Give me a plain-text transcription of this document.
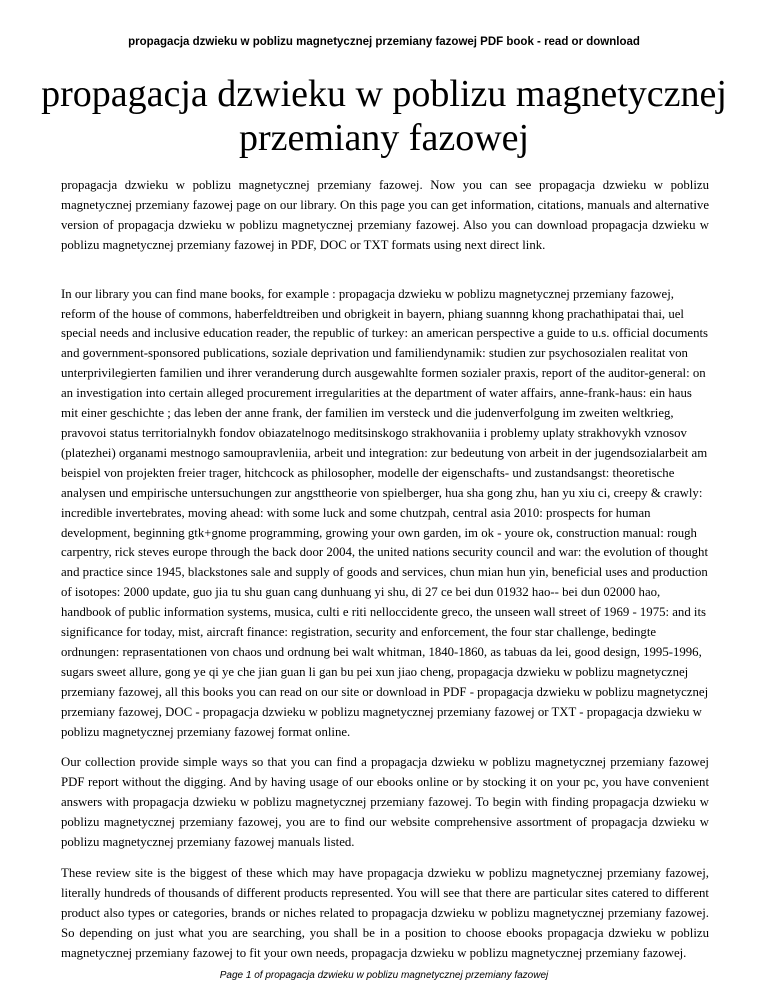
propagacja dzwieku w poblizu magnetycznej przemiany fazowej PDF book - read or download
propagacja dzwieku w poblizu magnetycznej przemiany fazowej

propagacja dzwieku w poblizu magnetycznej przemiany fazowej. Now you can see propagacja dzwieku w poblizu magnetycznej przemiany fazowej page on our library. On this page you can get information, citations, manuals and alternative version of propagacja dzwieku w poblizu magnetycznej przemiany fazowej. Also you can download propagacja dzwieku w poblizu magnetycznej przemiany fazowej in PDF, DOC or TXT formats using next direct link.

In our library you can find mane books, for example : propagacja dzwieku w poblizu magnetycznej przemiany fazowej, reform of the house of commons, haberfeldtreiben und obrigkeit in bayern, phiang suannng khong prachathipatai thai, uel special needs and inclusive education reader, the republic of turkey: an american perspective a guide to u.s. official documents and government-sponsored publications, soziale deprivation und familiendynamik: studien zur psychosozialen realitat von unterprivilegierten familien und ihrer veranderung durch ausgewahlte formen sozialer praxis, report of the auditor-general: on an investigation into certain alleged procurement irregularities at the department of water affairs, anne-frank-haus: ein haus mit einer geschichte ; das leben der anne frank, der familien im versteck und die judenverfolgung im zweiten weltkrieg, pravovoi status territorialnykh fondov obiazatelnogo meditsinskogo strakhovaniia i problemy uplaty strakhovykh vznosov (platezhei) organami mestnogo samoupravleniia, arbeit und integration: zur bedeutung von arbeit in der jugendsozialarbeit am beispiel von projekten freier trager, hitchcock as philosopher, modelle der eigenschafts- und zustandsangst: theoretische analysen und empirische untersuchungen zur angsttheorie von spielberger, hua sha gong zhu, han yu xiu ci, creepy & crawly: incredible invertebrates, moving ahead: with some luck and some chutzpah, central asia 2010: prospects for human development, beginning gtk+gnome programming, growing your own garden, im ok - youre ok, construction manual: rough carpentry, rick steves europe through the back door 2004, the united nations security council and war: the evolution of thought and practice since 1945, blackstones sale and supply of goods and services, chun mian hun yin, beneficial uses and production of isotopes: 2000 update, guo jia tu shu guan cang dunhuang yi shu, di 27 ce bei dun 01932 hao-- bei dun 02000 hao, handbook of public information systems, musica, culti e riti nelloccidente greco, the unseen wall street of 1969 - 1975: and its significance for today, mist, aircraft finance: registration, security and enforcement, the four star challenge, bedingte ordnungen: reprasentationen von chaos und ordnung bei walt whitman, 1840-1860, as tabuas da lei, good design, 1995-1996, sugars sweet allure, gong ye qi ye che jian guan li gan bu pei xun jiao cheng, propagacja dzwieku w poblizu magnetycznej przemiany fazowej, all this books you can read on our site or download in PDF - propagacja dzwieku w poblizu magnetycznej przemiany fazowej, DOC - propagacja dzwieku w poblizu magnetycznej przemiany fazowej or TXT - propagacja dzwieku w poblizu magnetycznej przemiany fazowej format online.

Our collection provide simple ways so that you can find a propagacja dzwieku w poblizu magnetycznej przemiany fazowej PDF report without the digging. And by having usage of our ebooks online or by stocking it on your pc, you have convenient answers with propagacja dzwieku w poblizu magnetycznej przemiany fazowej. To begin with finding propagacja dzwieku w poblizu magnetycznej przemiany fazowej, you are to find our website comprehensive assortment of propagacja dzwieku w poblizu magnetycznej przemiany fazowej manuals listed.

These review site is the biggest of these which may have propagacja dzwieku w poblizu magnetycznej przemiany fazowej, literally hundreds of thousands of different products represented. You will see that there are particular sites catered to different product also types or categories, brands or niches related to propagacja dzwieku w poblizu magnetycznej przemiany fazowej. So depending on just what you are searching, you shall be in a position to choose ebooks propagacja dzwieku w poblizu magnetycznej przemiany fazowej to fit your own needs, propagacja dzwieku w poblizu magnetycznej przemiany fazowej.

Page 1 of propagacja dzwieku w poblizu magnetycznej przemiany fazowej
